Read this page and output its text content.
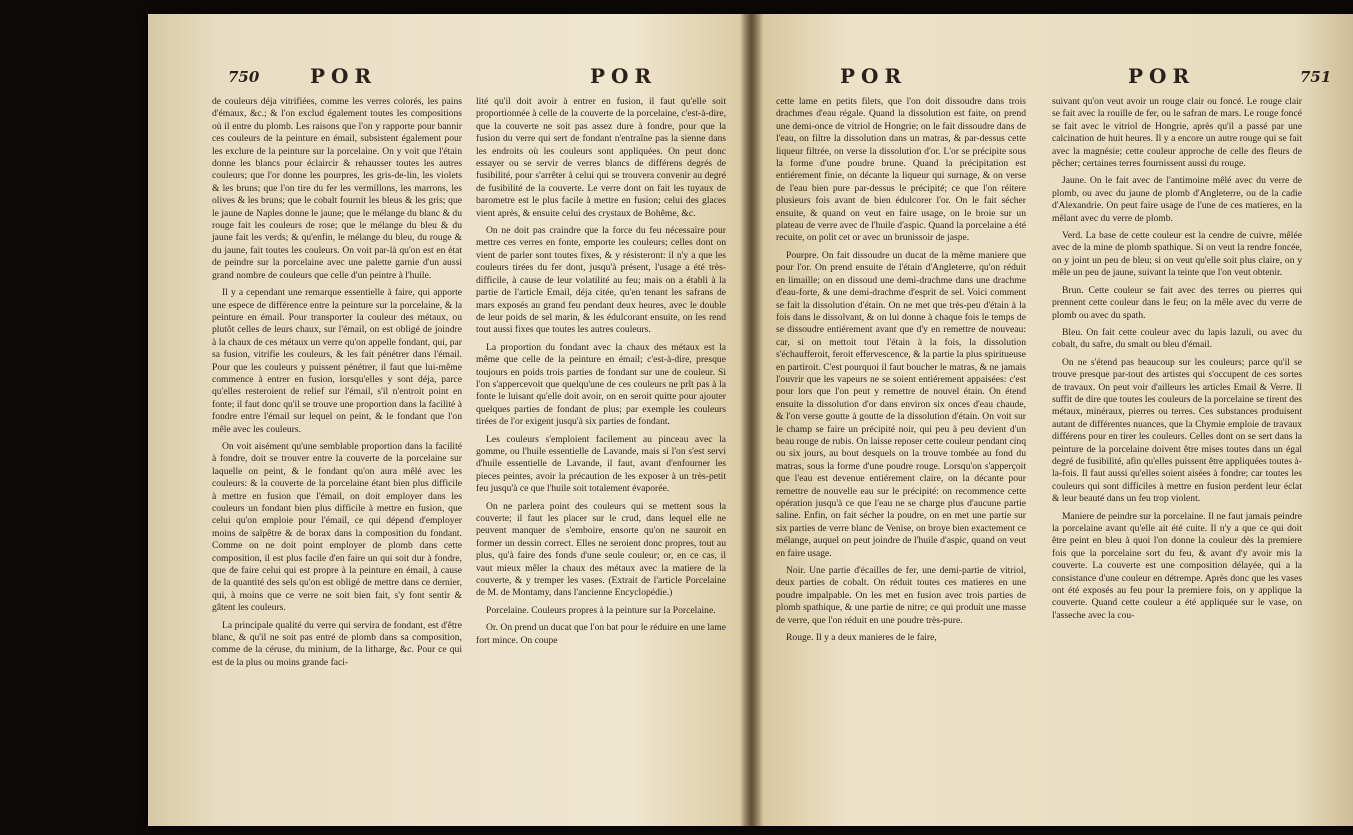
750	POR	POR

de couleurs déja vitrifiées, comme les verres colorés, les pains d'émaux, &c.; & l'on exclud également toutes les compositions où il entre du plomb. Les raisons que l'on y rapporte pour bannir ces couleurs de la peinture en émail, subsistent également pour les exclure de la peinture sur la porcelaine. On y voit que l'étain donne les blancs pour éclaircir & rehausser toutes les autres couleurs; que l'or donne les pourpres, les gris-de-lin, les violets & les bruns; que l'on tire du fer les vermillons, les marrons, les olives & les bruns; que le cobalt fournit les bleus & les gris; que le jaune de Naples donne le jaune; que le mélange du blanc & du rouge fait les couleurs de rose; que le mélange du bleu & du jaune fait les verds; & qu'enfin, le mélange du bleu, du rouge & du jaune, fait toutes les couleurs. On voit par-là qu'on est en état de peindre sur la porcelaine avec une palette garnie d'un aussi grand nombre de couleurs que celle d'un peintre à l'huile.

Il y a cependant une remarque essentielle à faire, qui apporte une espece de différence entre la peinture sur la porcelaine, & la peinture en émail. Pour transporter la couleur des métaux, ou plutôt celles de leurs chaux, sur l'émail, on est obligé de joindre à la chaux de ces métaux un verre qu'on appelle fondant, qui, par sa fusion, vitrifie les couleurs, & les fait pénétrer dans l'émail. Pour que les couleurs y puissent pénétrer, il faut que lui-même commence à entrer en fusion, lorsqu'elles y sont déja, parce qu'elles resteroient de relief sur l'émail, s'il n'entroit point en fonte; il faut donc qu'il se trouve une proportion dans la facilité à fondre entre l'émail sur lequel on peint, & le fondant que l'on mêle avec les couleurs.

On voit aisément qu'une semblable proportion dans la facilité à fondre, doit se trouver entre la couverte de la porcelaine sur laquelle on peint, & le fondant qu'on aura mêlé avec les couleurs: & la couverte de la porcelaine étant bien plus difficile à mettre en fusion que l'émail, on doit employer dans les couleurs un fondant bien plus difficile à mettre en fusion, que celui qu'on emploie pour l'émail, ce qui dépend d'employer moins de salpêtre & de borax dans la composition du fondant. Comme on ne doit point employer de plomb dans cette composition, il est plus facile d'en faire un qui soit dur à fondre, que de faire celui qui est propre à la peinture en émail, à cause de la quantité des sels qu'on est obligé de mettre dans ce dernier, qui, à moins que ce verre ne soit bien fait, s'y font sentir & gâtent les couleurs.

La principale qualité du verre qui servira de fondant, est d'être blanc, & qu'il ne soit pas entré de plomb dans sa composition, comme de la céruse, du minium, de la litharge, &c. Pour ce qui est de la plus ou moins grande faci-

lité qu'il doit avoir à entrer en fusion, il faut qu'elle soit proportionnée à celle de la couverte de la porcelaine, c'est-à-dire, que la couverte ne soit pas assez dure à fondre, pour que la fusion du verre qui sert de fondant n'entraîne pas la sienne dans les endroits où les couleurs sont appliquées. On peut donc essayer ou se servir de verres blancs de différens degrés de fusibilité, pour s'arrêter à celui qui se trouvera convenir au degré de fusibilité de la couverte. Le verre dont on fait les tuyaux de barometre est le plus facile à mettre en fusion; celui des glaces vient après, & ensuite celui des crystaux de Bohême, &c.

On ne doit pas craindre que la force du feu nécessaire pour mettre ces verres en fonte, emporte les couleurs; celles dont on vient de parler sont toutes fixes, & y résisteront: il n'y a que les couleurs tirées du fer dont, jusqu'à présent, l'usage a été très-difficile, à cause de leur volatilité au feu; mais on a établi à la partie de l'article Email, déja citée, qu'en tenant les safrans de mars exposés au grand feu pendant deux heures, avec le double de leur poids de sel marin, & les édulcorant ensuite, on les rend tout aussi fixes que toutes les autres couleurs.

La proportion du fondant avec la chaux des métaux est la même que celle de la peinture en émail; c'est-à-dire, presque toujours en poids trois parties de fondant sur une de couleur. Si l'on s'appercevoit que quelqu'une de ces couleurs ne prît pas à la fonte le luisant qu'elle doit avoir, on en seroit quitte pour ajouter quelques parties de fondant de plus; par exemple les couleurs tirées de l'or exigent jusqu'à six parties de fondant.

Les couleurs s'emploient facilement au pinceau avec la gomme, ou l'huile essentielle de Lavande, mais si l'on s'est servi d'huile essentielle de Lavande, il faut, avant d'enfourner les pieces peintes, avoir la précaution de les exposer à un très-petit feu jusqu'à ce que l'huile soit totalement évaporée.

On ne parlera point des couleurs qui se mettent sous la couverte; il faut les placer sur le crud, dans lequel elle ne peuvent manquer de s'emboire, ensorte qu'on ne sauroit en former un dessin correct. Elles ne seroient donc propres, tout au plus, qu'à faire des fonds d'une seule couleur; or, en ce cas, il vaut mieux mêler la chaux des métaux avec la matiere de la couverte, & y tremper les vases. (Extrait de l'article Porcelaine de M. de Montamy, dans l'ancienne Encyclopédie.)

Porcelaine. Couleurs propres à la peinture sur la Porcelaine.

Or. On prend un ducat que l'on bat pour le réduire en une lame fort mince. On coupe

POR	POR	751

cette lame en petits filets, que l'on doit dissoudre dans trois drachmes d'eau régale. Quand la dissolution est faite, on prend une demi-once de vitriol de Hongrie; on le fait dissoudre dans de l'eau, on filtre la dissolution dans un matras, & par-dessus cette liqueur filtrée, on verse la dissolution d'or. L'or se précipite sous la forme d'une poudre brune. Quand la précipitation est entiérement finie, on décante la liqueur qui surnage, & on verse de l'eau bien pure par-dessus le précipité; ce que l'on réitere plusieurs fois avant de bien édulcorer l'or. On le fait sécher ensuite, & quand on veut en faire usage, on le broie sur un plateau de verre avec de l'huile d'aspic. Quand la porcelaine a été recuite, on polit cet or avec un brunissoir de jaspe.

Pourpre. On fait dissoudre un ducat de la même maniere que pour l'or. On prend ensuite de l'étain d'Angleterre, qu'on réduit en limaille; on en dissoud une demi-drachme dans une drachme d'eau-forte, & une demi-drachme d'esprit de sel. Voici comment se fait la dissolution d'étain. On ne met que très-peu d'étain à la fois dans le dissolvant, & on lui donne à chaque fois le temps de se dissoudre entiérement avant que d'y en remettre de nouveau: car, si on mettoit tout l'étain à la fois, la dissolution s'échaufferoit, feroit effervescence, & la partie la plus spiritueuse en partiroit. C'est pourquoi il faut boucher le matras, & ne jamais l'ouvrir que les vapeurs ne se soient entiérement appaisées: c'est pour lors que l'on peut y remettre de nouvel étain. On étend ensuite la dissolution d'or dans environ six onces d'eau chaude, & l'on verse goutte à goutte de la dissolution d'étain. On voit sur le champ se faire un précipité noir, qui peu à peu devient d'un beau rouge de rubis. On laisse reposer cette couleur pendant cinq ou six jours, au bout desquels on la trouve tombée au fond du matras, sous la forme d'une poudre rouge. Lorsqu'on s'apperçoit que l'eau est devenue entiérement claire, on la décante pour remettre de nouvelle eau sur le précipité: on recommence cette opération jusqu'à ce que l'eau ne se charge plus d'aucune partie saline. Enfin, on fait sécher la poudre, on en met une partie sur six parties de verre blanc de Venise, on broye bien exactement ce mélange, auquel on peut joindre de l'huile d'aspic, quand on veut en faire usage.

Noir. Une partie d'écailles de fer, une demi-partie de vitriol, deux parties de cobalt. On réduit toutes ces matieres en une poudre impalpable. On les met en fusion avec trois parties de plomb spathique, & une partie de nitre; ce qui produit une masse de verre, que l'on réduit en une poudre très-pure.

Rouge. Il y a deux manieres de le faire,

suivant qu'on veut avoir un rouge clair ou foncé. Le rouge clair se fait avec la rouille de fer, ou le safran de mars. Le rouge foncé se fait avec le vitriol de Hongrie, après qu'il a passé par une calcination de huit heures. Il y a encore un autre rouge qui se fait avec la magnésie; cette couleur approche de celle des fleurs de pêcher; certaines terres fournissent aussi du rouge.

Jaune. On le fait avec de l'antimoine mêlé avec du verre de plomb, ou avec du jaune de plomb d'Angleterre, ou de la cadie d'Alexandrie. On peut faire usage de l'une de ces matieres, en la mêlant avec du verre de plomb.

Verd. La base de cette couleur est la cendre de cuivre, mêlée avec de la mine de plomb spathique. Si on veut la rendre foncée, on y joint un peu de bleu; si on veut qu'elle soit plus claire, on y mêle un peu de jaune, suivant la teinte que l'on veut obtenir.

Brun. Cette couleur se fait avec des terres ou pierres qui prennent cette couleur dans le feu; on la mêle avec du verre de plomb ou avec du spath.

Bleu. On fait cette couleur avec du lapis lazuli, ou avec du cobalt, du safre, du smalt ou bleu d'émail.

On ne s'étend pas beaucoup sur les couleurs; parce qu'il se trouve presque par-tout des artistes qui s'occupent de ces sortes de travaux. On peut voir d'ailleurs les articles Email & Verre. Il suffit de dire que toutes les couleurs de la porcelaine se tirent des métaux, minéraux, pierres ou terres. Ces substances produisent autant de différentes nuances, que la Chymie emploie de travaux différens pour en tirer les couleurs. Celles dont on se sert dans la peinture de la porcelaine doivent être mises toutes dans un égal degré de fusibilité, afin qu'elles puissent être appliquées toutes à-la-fois. Il faut aussi qu'elles soient aisées à fondre; car toutes les couleurs qui sont difficiles à mettre en fusion perdent leur éclat & leur beauté dans un feu trop violent.

Maniere de peindre sur la porcelaine. Il ne faut jamais peindre la porcelaine avant qu'elle ait été cuite. Il n'y a que ce qui doit être peint en bleu à quoi l'on donne la couleur dès la premiere fois que la porcelaine sort du feu, & avant d'y avoir mis la couverte. La couverte est une composition délayée, qui a la consistance d'une couleur en détrempe. Après donc que les vases ont été exposés au feu pour la premiere fois, on y applique la couverte. Quand cette couleur a été appliquée sur le vase, on l'asseche avec la cou-
